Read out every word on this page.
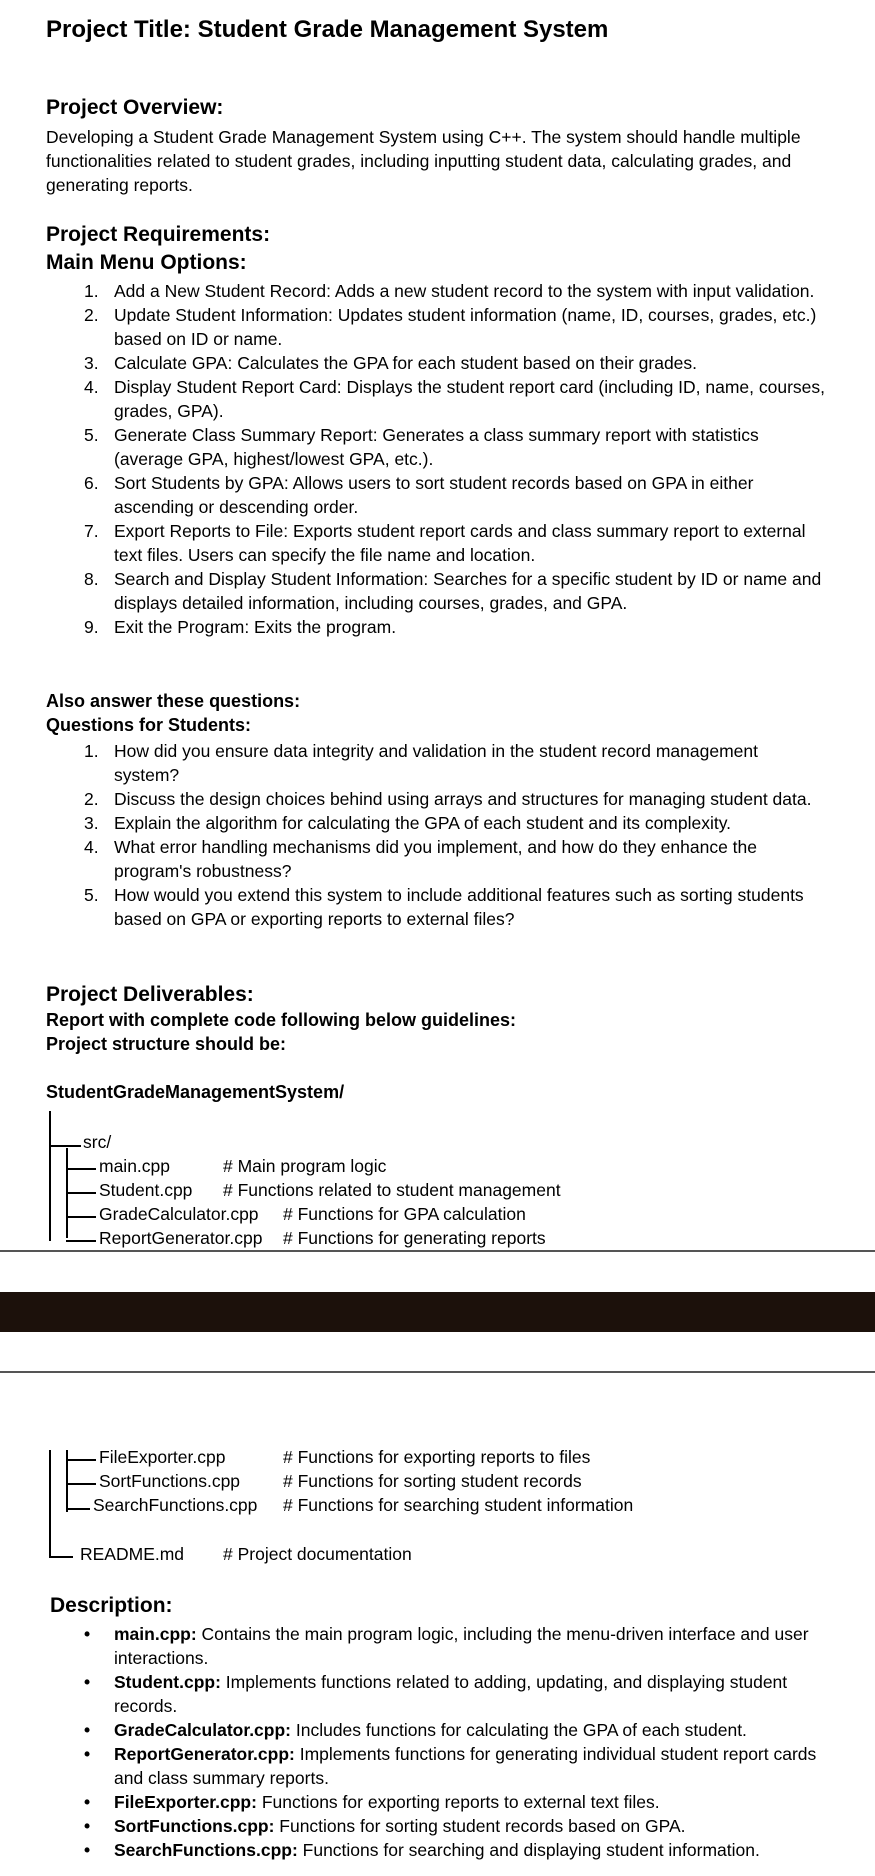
Project Title: Student Grade Management System
Project Overview:

Developing a Student Grade Management System using C++. The system should handle multiple functionalities related to student grades, including inputting student data, calculating grades, and generating reports.

Project Requirements:
Main Menu Options:
1. Add a New Student Record: Adds a new student record to the system with input validation.
2. Update Student Information: Updates student information (name, ID, courses, grades, etc.) based on ID or name.
3. Calculate GPA: Calculates the GPA for each student based on their grades.
4. Display Student Report Card: Displays the student report card (including ID, name, courses, grades, GPA).
5. Generate Class Summary Report: Generates a class summary report with statistics (average GPA, highest/lowest GPA, etc.).
6. Sort Students by GPA: Allows users to sort student records based on GPA in either ascending or descending order.
7. Export Reports to File: Exports student report cards and class summary report to external text files. Users can specify the file name and location.
8. Search and Display Student Information: Searches for a specific student by ID or name and displays detailed information, including courses, grades, and GPA.
9. Exit the Program: Exits the program.
Also answer these questions:
Questions for Students:
1. How did you ensure data integrity and validation in the student record management system?
2. Discuss the design choices behind using arrays and structures for managing student data.
3. Explain the algorithm for calculating the GPA of each student and its complexity.
4. What error handling mechanisms did you implement, and how do they enhance the program's robustness?
5. How would you extend this system to include additional features such as sorting students based on GPA or exporting reports to external files?
Project Deliverables:
Report with complete code following below guidelines:
Project structure should be:
StudentGradeManagementSystem/
src/
main.cpp	# Main program logic
Student.cpp # Functions related to student management
GradeCalculator.cpp # Functions for GPA calculation
ReportGenerator.cpp # Functions for generating reports
FileExporter.cpp	# Functions for exporting reports to files
SortFunctions.cpp # Functions for sorting student records
SearchFunctions.cpp # Functions for searching student information
README.md # Project documentation
Description:
• main.cpp: Contains the main program logic, including the menu-driven interface and user interactions.
• Student.cpp: Implements functions related to adding, updating, and displaying student records.
• GradeCalculator.cpp: Includes functions for calculating the GPA of each student.
• ReportGenerator.cpp: Implements functions for generating individual student report cards and class summary reports.
• FileExporter.cpp: Functions for exporting reports to external text files.
• SortFunctions.cpp: Functions for sorting student records based on GPA.
• SearchFunctions.cpp: Functions for searching and displaying student information.
